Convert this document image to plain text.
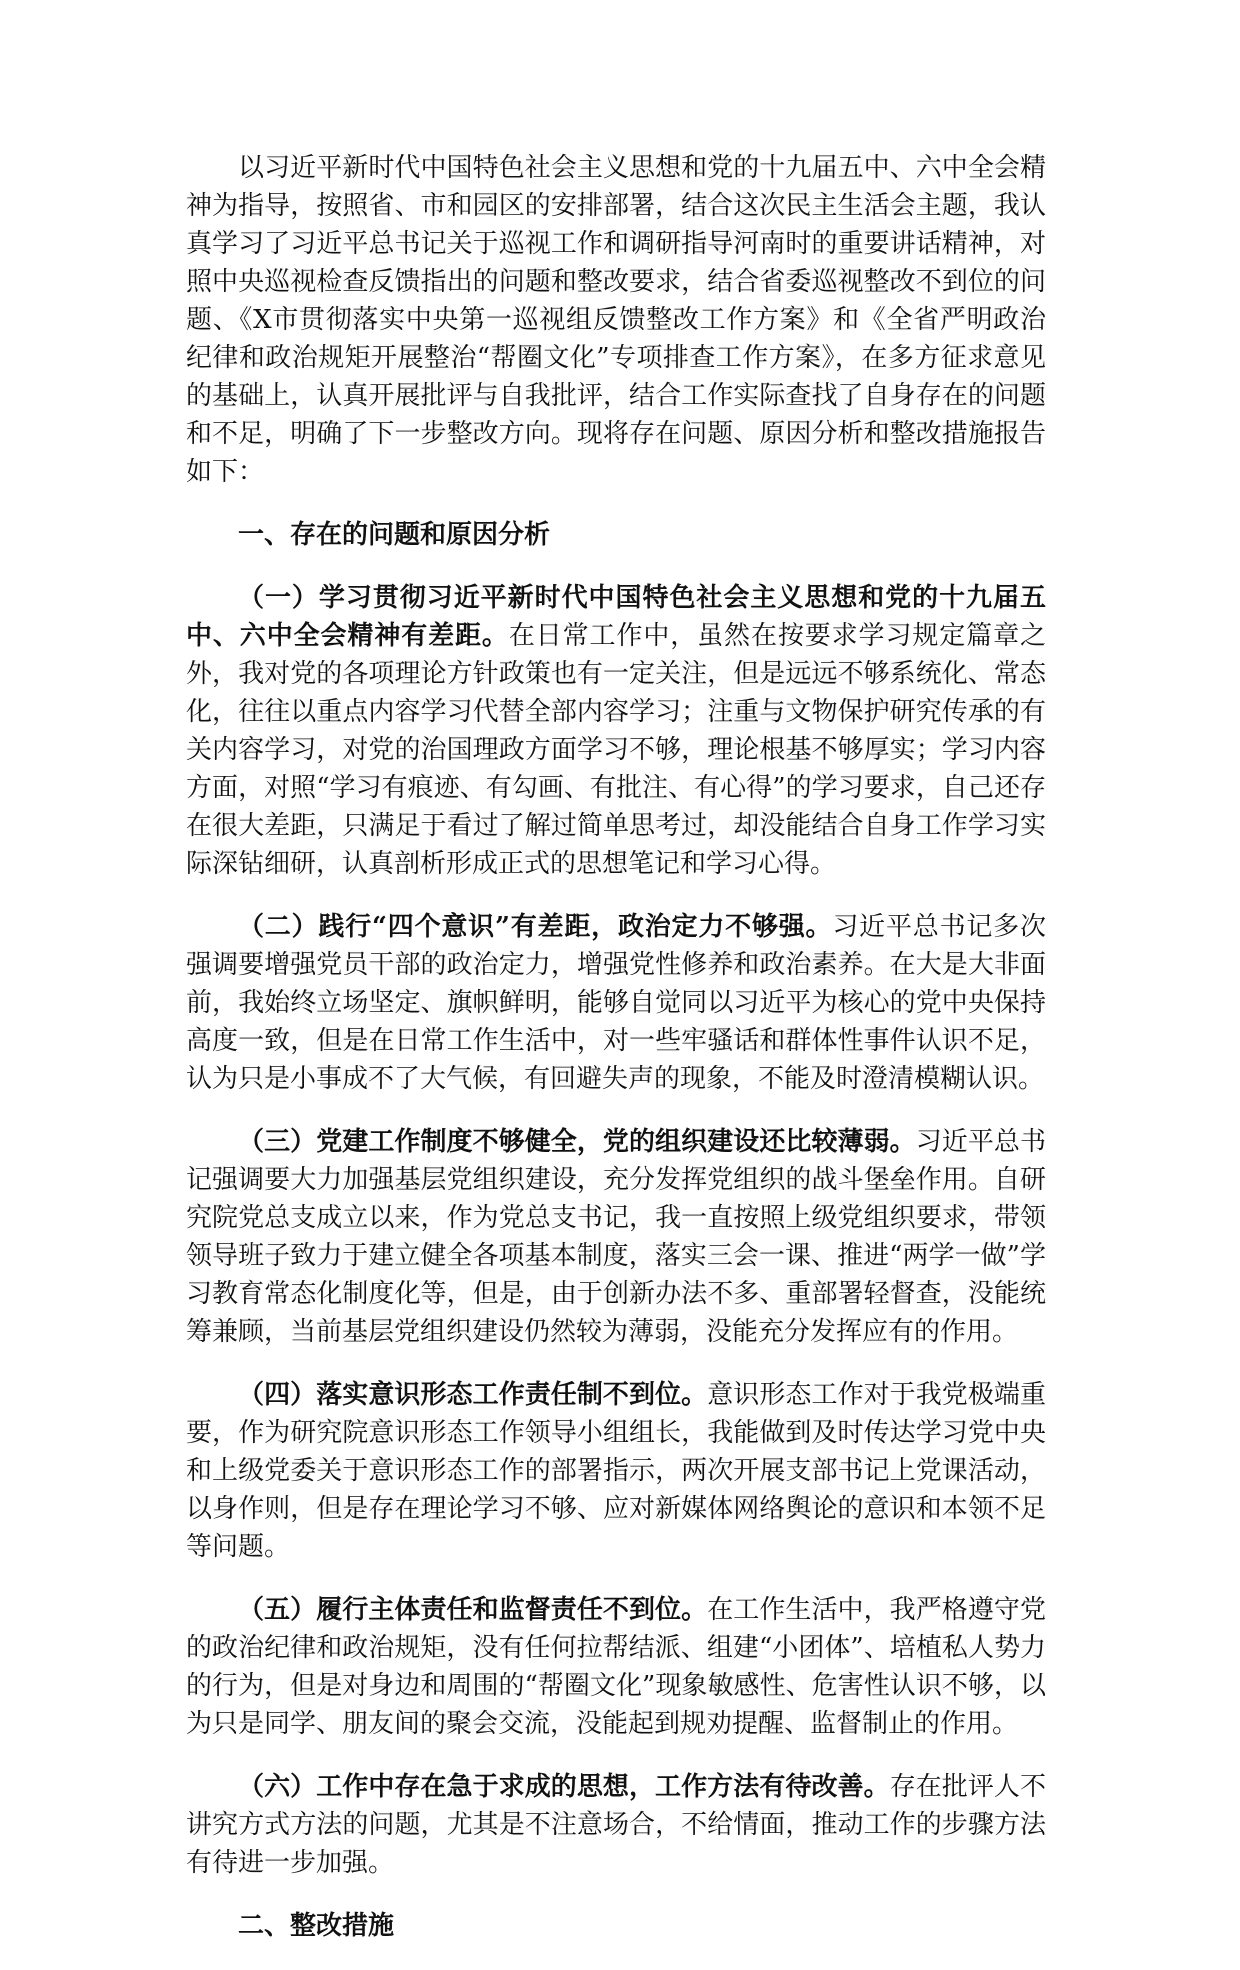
以习近平新时代中国特色社会主义思想和党的十九届五中、六中全会精神为指导，按照省、市和园区的安排部署，结合这次民主生活会主题，我认真学习了习近平总书记关于巡视工作和调研指导河南时的重要讲话精神，对照中央巡视检查反馈指出的问题和整改要求，结合省委巡视整改不到位的问题、《X市贯彻落实中央第一巡视组反馈整改工作方案》和《全省严明政治纪律和政治规矩开展整治“帮圈文化”专项排查工作方案》，在多方征求意见的基础上，认真开展批评与自我批评，结合工作实际查找了自身存在的问题和不足，明确了下一步整改方向。现将存在问题、原因分析和整改措施报告如下：

一、存在的问题和原因分析

（一）学习贯彻习近平新时代中国特色社会主义思想和党的十九届五中、六中全会精神有差距。在日常工作中，虽然在按要求学习规定篇章之外，我对党的各项理论方针政策也有一定关注，但是远远不够系统化、常态化，往往以重点内容学习代替全部内容学习；注重与文物保护研究传承的有关内容学习，对党的治国理政方面学习不够，理论根基不够厚实；学习内容方面，对照“学习有痕迹、有勾画、有批注、有心得”的学习要求，自己还存在很大差距，只满足于看过了解过简单思考过，却没能结合自身工作学习实际深钻细研，认真剖析形成正式的思想笔记和学习心得。

（二）践行“四个意识”有差距，政治定力不够强。习近平总书记多次强调要增强党员干部的政治定力，增强党性修养和政治素养。在大是大非面前，我始终立场坚定、旗帜鲜明，能够自觉同以习近平为核心的党中央保持高度一致，但是在日常工作生活中，对一些牢骚话和群体性事件认识不足，认为只是小事成不了大气候，有回避失声的现象，不能及时澄清模糊认识。

（三）党建工作制度不够健全，党的组织建设还比较薄弱。习近平总书记强调要大力加强基层党组织建设，充分发挥党组织的战斗堡垒作用。自研究院党总支成立以来，作为党总支书记，我一直按照上级党组织要求，带领领导班子致力于建立健全各项基本制度，落实三会一课、推进“两学一做”学习教育常态化制度化等，但是，由于创新办法不多、重部署轻督查，没能统筹兼顾，当前基层党组织建设仍然较为薄弱，没能充分发挥应有的作用。

（四）落实意识形态工作责任制不到位。意识形态工作对于我党极端重要，作为研究院意识形态工作领导小组组长，我能做到及时传达学习党中央和上级党委关于意识形态工作的部署指示，两次开展支部书记上党课活动，以身作则，但是存在理论学习不够、应对新媒体网络舆论的意识和本领不足等问题。

（五）履行主体责任和监督责任不到位。在工作生活中，我严格遵守党的政治纪律和政治规矩，没有任何拉帮结派、组建“小团体”、培植私人势力的行为，但是对身边和周围的“帮圈文化”现象敏感性、危害性认识不够，以为只是同学、朋友间的聚会交流，没能起到规劝提醒、监督制止的作用。

（六）工作中存在急于求成的思想，工作方法有待改善。存在批评人不讲究方式方法的问题，尤其是不注意场合，不给情面，推动工作的步骤方法有待进一步加强。

二、整改措施
